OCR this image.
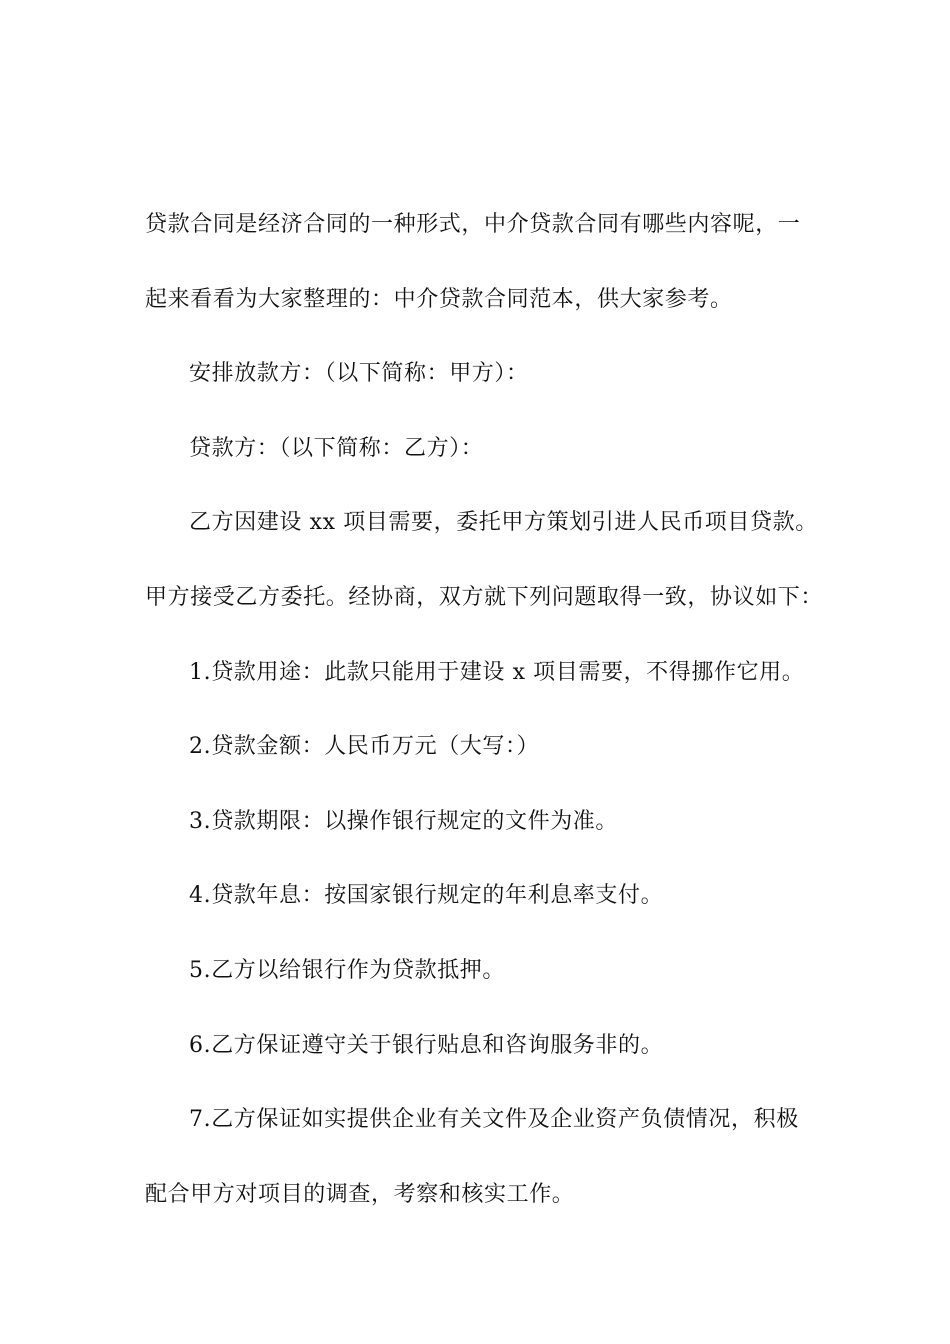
贷款合同是经济合同的一种形式，中介贷款合同有哪些内容呢，一
起来看看为大家整理的：中介贷款合同范本，供大家参考。
安排放款方：（以下简称：甲方）：
贷款方：（以下简称：乙方）：
乙方因建设 xx 项目需要，委托甲方策划引进人民币项目贷款。
甲方接受乙方委托。经协商，双方就下列问题取得一致，协议如下：
1.贷款用途：此款只能用于建设 x 项目需要，不得挪作它用。
2.贷款金额：人民币万元（大写：）
3.贷款期限：以操作银行规定的文件为准。
4.贷款年息：按国家银行规定的年利息率支付。
5.乙方以给银行作为贷款抵押。
6.乙方保证遵守关于银行贴息和咨询服务非的。
7.乙方保证如实提供企业有关文件及企业资产负债情况，积极
配合甲方对项目的调查，考察和核实工作。
